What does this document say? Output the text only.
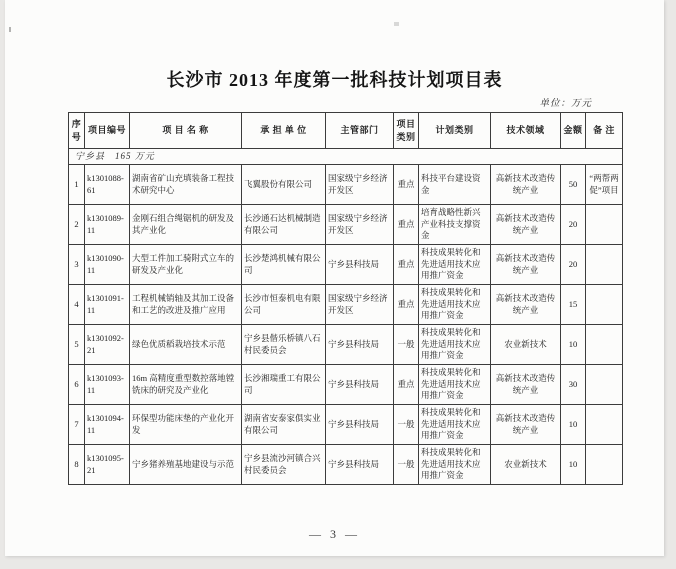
长沙市 2013 年度第一批科技计划项目表
单位：万元
序号	项目编号	项 目 名 称	承 担 单 位	主管部门	项目类别	计划类别	技术领域	金额	备 注
宁乡县　165 万元									
1	k1301088-61	湖南省矿山充填装备工程技术研究中心	飞翼股份有限公司	国家级宁乡经济开发区	重点	科技平台建设资金	高新技术改造传统产业	50	“两帮两促”项目
2	k1301089-11	金刚石组合绳锯机的研发及其产业化	长沙通石达机械制造有限公司	国家级宁乡经济开发区	重点	培育战略性新兴产业科技支撑资金	高新技术改造传统产业	20	
3	k1301090-11	大型工件加工骑附式立车的研发及产业化	长沙楚鸿机械有限公司	宁乡县科技局	重点	科技成果转化和先进适用技术应用推广资金	高新技术改造传统产业	20	
4	k1301091-11	工程机械销轴及其加工设备和工艺的改进及推广应用	长沙市恒泰机电有限公司	国家级宁乡经济开发区	重点	科技成果转化和先进适用技术应用推广资金	高新技术改造传统产业	15	
5	k1301092-21	绿色优质稻栽培技术示范	宁乡县偕乐桥镇八石村民委员会	宁乡县科技局	一般	科技成果转化和先进适用技术应用推广资金	农业新技术	10	
6	k1301093-11	16m 高精度重型数控落地镗铣床的研究及产业化	长沙湘瑞重工有限公司	宁乡县科技局	重点	科技成果转化和先进适用技术应用推广资金	高新技术改造传统产业	30	
7	k1301094-11	环保型功能床垫的产业化开发	湖南省安泰家俱实业有限公司	宁乡县科技局	一般	科技成果转化和先进适用技术应用推广资金	高新技术改造传统产业	10	
8	k1301095-21	宁乡猪养殖基地建设与示范	宁乡县流沙河镇合兴村民委员会	宁乡县科技局	一般	科技成果转化和先进适用技术应用推广资金	农业新技术	10	
— 3 —
